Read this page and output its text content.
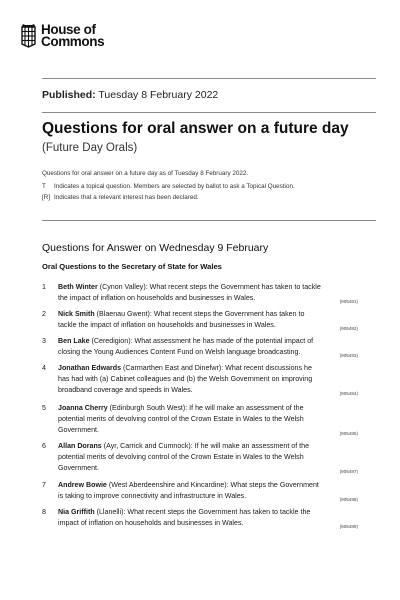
House of
Commons
Published: Tuesday 8 February 2022
Questions for oral answer on a future day
(Future Day Orals)
Questions for oral answer on a future day as of Tuesday 8 February 2022.
T Indicates a topical question. Members are selected by ballot to ask a Topical Question.
[R] Indicates that a relevant interest has been declared.
Questions for Answer on Wednesday 9 February
Oral Questions to the Secretary of State for Wales
1 Beth Winter (Cynon Valley): What recent steps the Government has taken to tackle
the impact of inflation on households and businesses in Wales.	(905481)
2 Nick Smith (Blaenau Gwent): What recent steps the Government has taken to
tackle the impact of inflation on households and businesses in Wales.	(905482)
3 Ben Lake (Ceredigion): What assessment he has made of the potential impact of
closing the Young Audiences Content Fund on Welsh language broadcasting.	(905483)
4 Jonathan Edwards (Carmarthen East and Dinefwr): What recent discussions he
has had with (a) Cabinet colleagues and (b) the Welsh Government on improving
broadband coverage and speeds in Wales.	(905484)
5 Joanna Cherry (Edinburgh South West): If he will make an assessment of the
potential merits of devolving control of the Crown Estate in Wales to the Welsh
Government.	(905485)
6 Allan Dorans (Ayr, Carrick and Cumnock): If he will make an assessment of the
potential merits of devolving control of the Crown Estate in Wales to the Welsh
Government.	(905487)
7 Andrew Bowie (West Aberdeenshire and Kincardine): What steps the Government
is taking to improve connectivity and infrastructure in Wales.	(905488)
8 Nia Griffith (Llanelli): What recent steps the Government has taken to tackle the
impact of inflation on households and businesses in Wales.	(905489)
